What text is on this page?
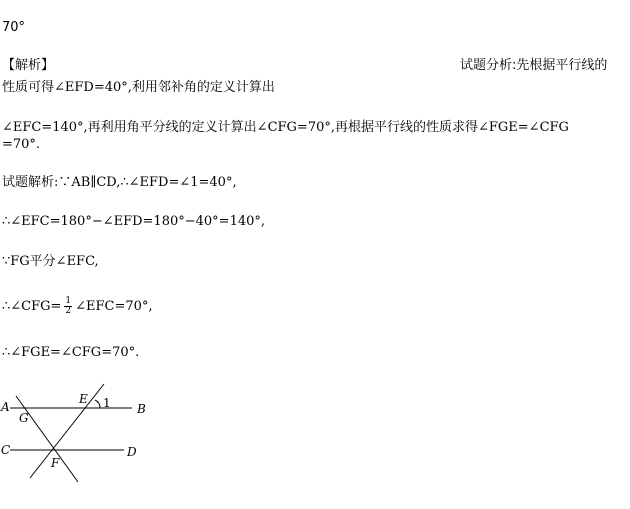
70°
【解析】	试题分析:先根据平行线的
性质可得∠EFD=40°,利用邻补角的定义计算出
∠EFC=140°,再利用角平分线的定义计算出∠CFG=70°,再根据平行线的性质求得∠FGE=∠CFG
=70°.
试题解析:∵AB∥CD,∴∠EFD=∠1=40°,
∴∠EFC=180°−∠EFD=180°−40°=140°,
∵FG平分∠EFC,
∴∠CFG= $\frac{1}{2}$ ∠EFC=70°,
∴∠FGE=∠CFG=70°.
A	B
C	D
E
F
G
1
